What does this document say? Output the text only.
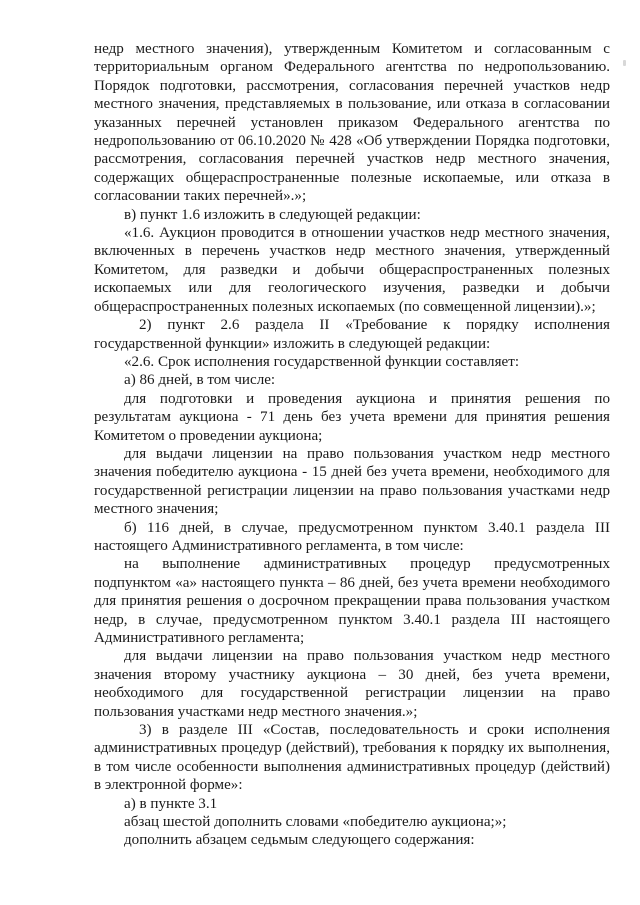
недр местного значения), утвержденным Комитетом и согласованным с территориальным органом Федерального агентства по недропользованию. Порядок подготовки, рассмотрения, согласования перечней участков недр местного значения, представляемых в пользование, или отказа в согласовании указанных перечней установлен приказом Федерального агентства по недропользованию от 06.10.2020 № 428 «Об утверждении Порядка подготовки, рассмотрения, согласования перечней участков недр местного значения, содержащих общераспространенные полезные ископаемые, или отказа в согласовании таких перечней».»;

в) пункт 1.6 изложить в следующей редакции:

«1.6. Аукцион проводится в отношении участков недр местного значения, включенных в перечень участков недр местного значения, утвержденный Комитетом, для разведки и добычи общераспространенных полезных ископаемых или для геологического изучения, разведки и добычи общераспространенных полезных ископаемых (по совмещенной лицензии).»;

2) пункт 2.6 раздела II «Требование к порядку исполнения государственной функции» изложить в следующей редакции:

«2.6. Срок исполнения государственной функции составляет:

а) 86 дней, в том числе:

для подготовки и проведения аукциона и принятия решения по результатам аукциона - 71 день без учета времени для принятия решения Комитетом о проведении аукциона;

для выдачи лицензии на право пользования участком недр местного значения победителю аукциона - 15 дней без учета времени, необходимого для государственной регистрации лицензии на право пользования участками недр местного значения;

б) 116 дней, в случае, предусмотренном пунктом 3.40.1 раздела III настоящего Административного регламента, в том числе:

на выполнение административных процедур предусмотренных подпунктом «а» настоящего пункта – 86 дней, без учета времени необходимого для принятия решения о досрочном прекращении права пользования участком недр, в случае, предусмотренном пунктом 3.40.1 раздела III настоящего Административного регламента;

для выдачи лицензии на право пользования участком недр местного значения второму участнику аукциона – 30 дней, без учета времени, необходимого для государственной регистрации лицензии на право пользования участками недр местного значения.»;

3) в разделе III «Состав, последовательность и сроки исполнения административных процедур (действий), требования к порядку их выполнения, в том числе особенности выполнения административных процедур (действий) в электронной форме»:

а) в пункте 3.1

абзац шестой дополнить словами «победителю аукциона;»;

дополнить абзацем седьмым следующего содержания:
